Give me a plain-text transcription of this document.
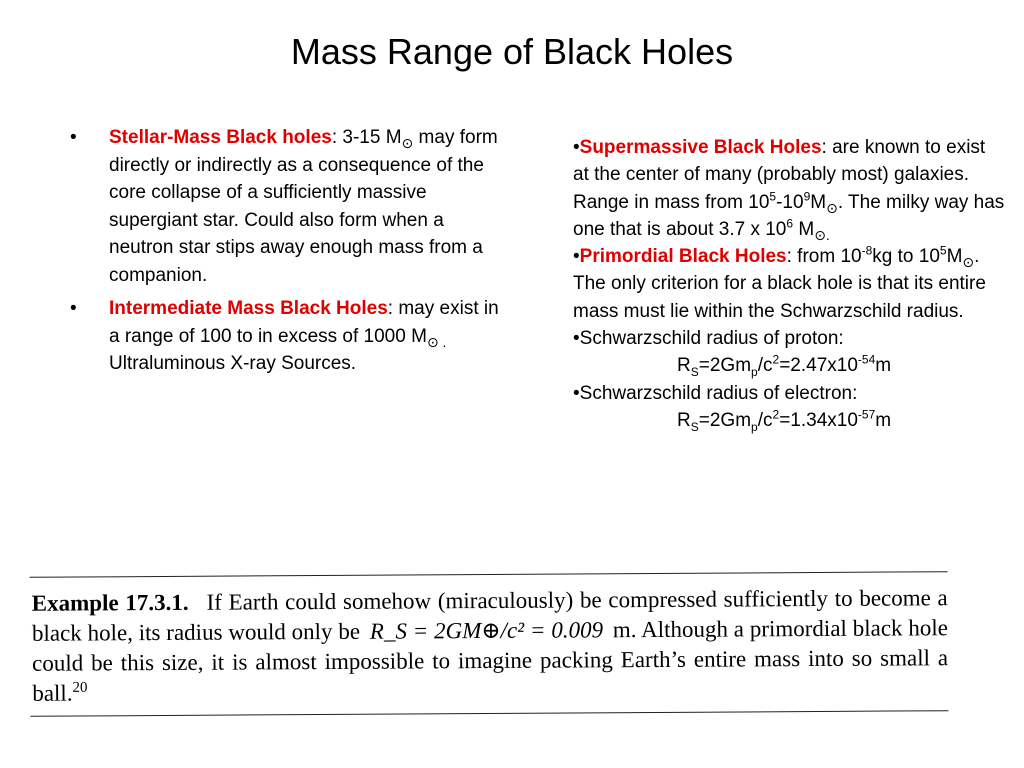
Mass Range of Black Holes
• Stellar-Mass Black holes: 3-15 $M_⊙$ may form directly or indirectly as a consequence of the core collapse of a sufficiently massive supergiant star. Could also form when a neutron star stips away enough mass from a companion.
• Intermediate Mass Black Holes: may exist in a range of 100 to in excess of 1000 $M_{⊙ .}$ Ultraluminous X-ray Sources.

•Supermassive Black Holes: are known to exist at the center of many (probably most) galaxies. Range in mass from $10^5-10^9M_⊙$. The milky way has one that is about 3.7 x $10^6$ $M_{⊙.}$

•Primordial Black Holes: from $10^{-8}kg$ to $10^5M_⊙$. The only criterion for a black hole is that its entire mass must lie within the Schwarzschild radius.

•Schwarzschild radius of proton:

$R_S=2Gm_p/c^2=2.47x10^{-54}m$

•Schwarzschild radius of electron:

$R_S=2Gm_p/c^2=1.34x10^{-57}m$

Example 17.3.1. If Earth could somehow (miraculously) be compressed sufficiently to become a black hole, its radius would only be R_S = 2GM⊕/c² = 0.009 m. Although a primordial black hole could be this size, it is almost impossible to imagine packing Earth’s entire mass into so small a ball.$^{20}$
